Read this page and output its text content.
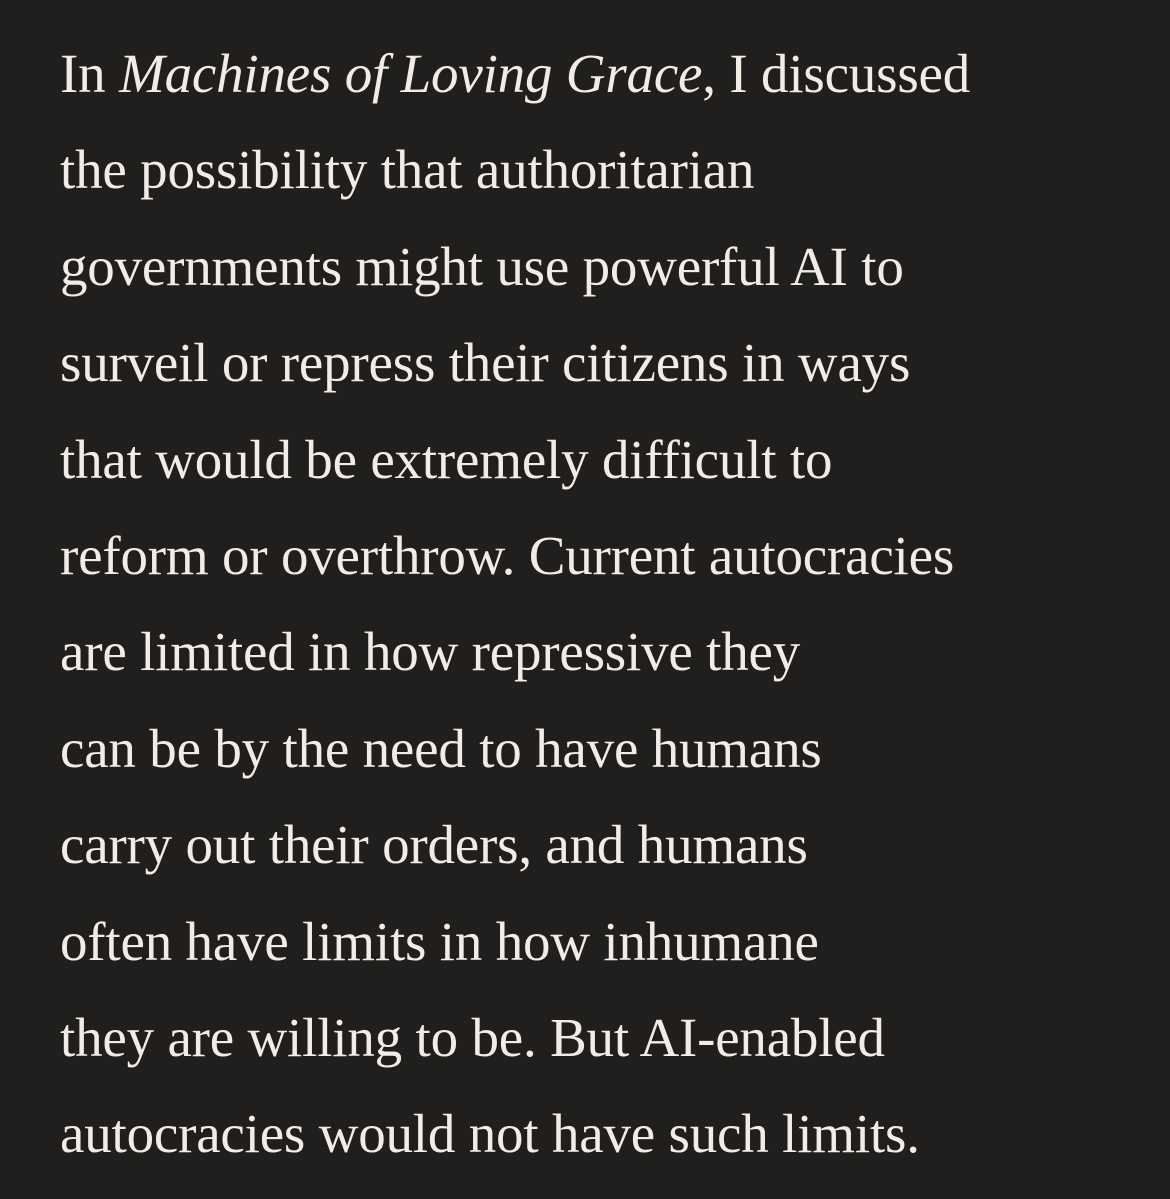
In Machines of Loving Grace, I discussed
the possibility that authoritarian
governments might use powerful AI to
surveil or repress their citizens in ways
that would be extremely difficult to
reform or overthrow. Current autocracies
are limited in how repressive they
can be by the need to have humans
carry out their orders, and humans
often have limits in how inhumane
they are willing to be. But AI-enabled
autocracies would not have such limits.
